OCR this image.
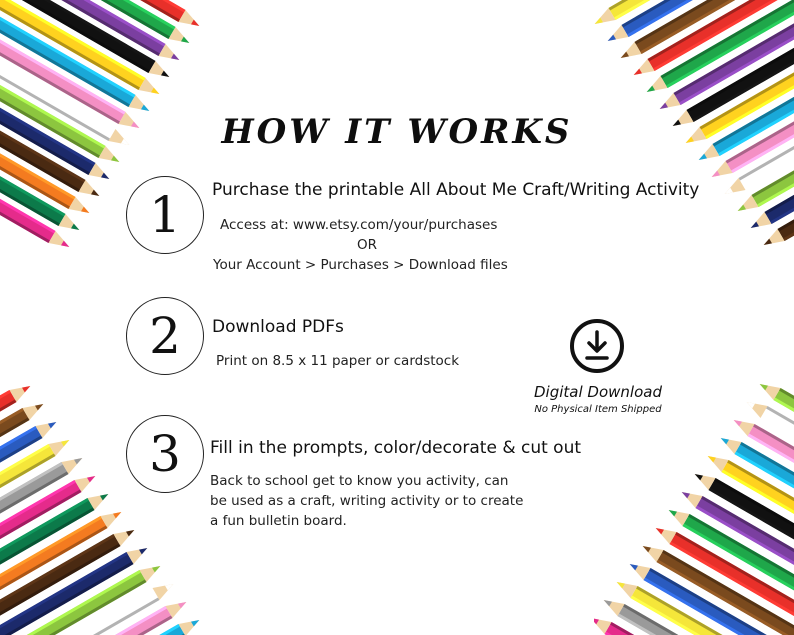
HOW IT WORKS
1	Purchase the printable All About Me Craft/Writing Activity
Access at: www.etsy.com/your/purchases
OR
Your Account > Purchases > Download files
2	Download PDFs
Print on 8.5 x 11 paper or cardstock
3	Fill in the prompts, color/decorate & cut out
Back to school get to know you activity, can
be used as a craft, writing activity or to create
a fun bulletin board.
Digital Download
No Physical Item Shipped
